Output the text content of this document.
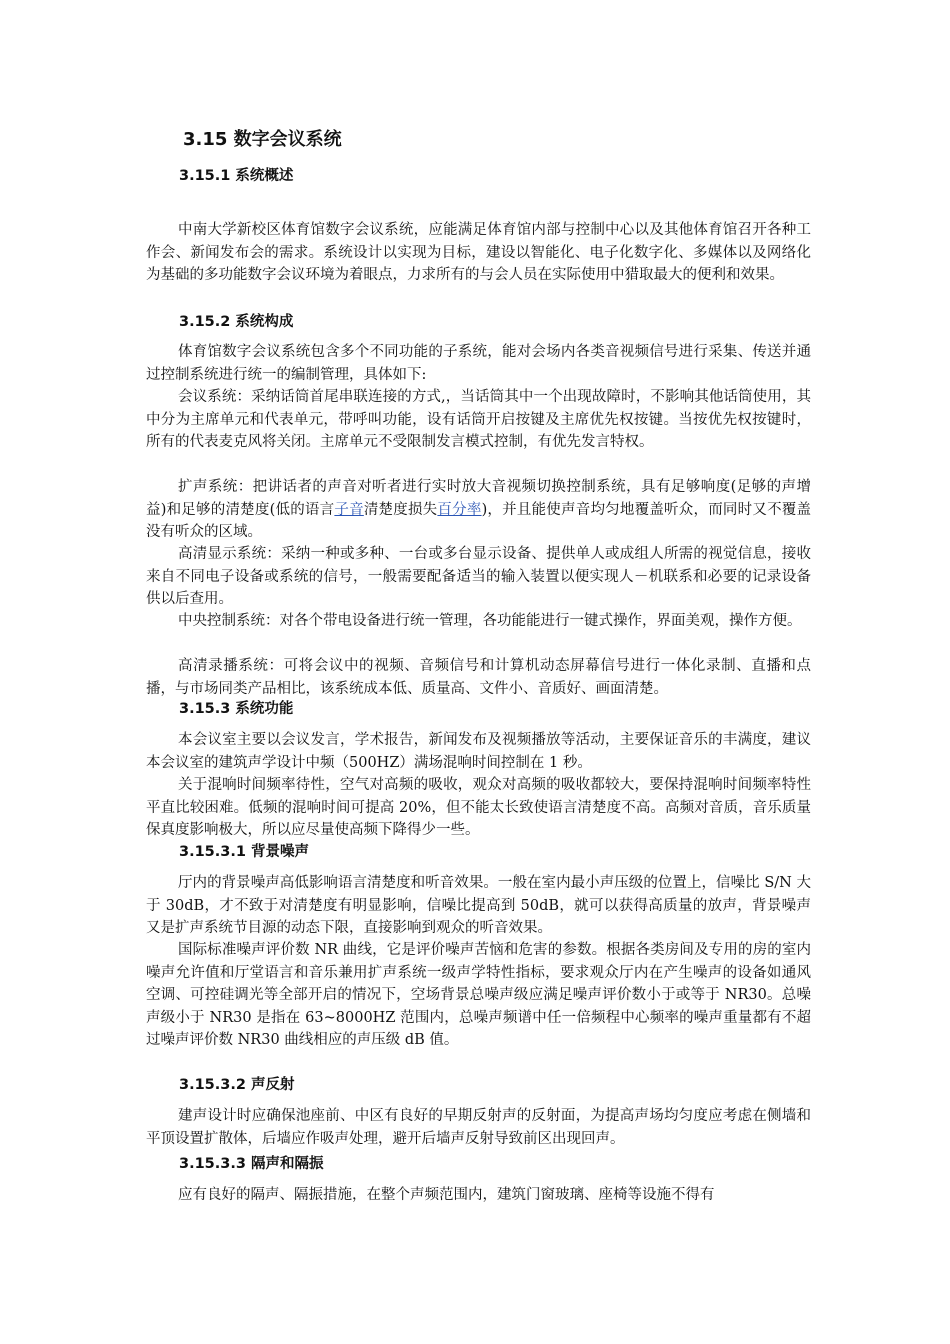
3.15 数字会议系统
3.15.1 系统概述
中南大学新校区体育馆数字会议系统，应能满足体育馆内部与控制中心以及其他体育馆召开各种工作会、新闻发布会的需求。系统设计以实现为目标，建设以智能化、电子化数字化、多媒体以及网络化为基础的多功能数字会议环境为着眼点，力求所有的与会人员在实际使用中猎取最大的便利和效果。
3.15.2 系统构成
体育馆数字会议系统包含多个不同功能的子系统，能对会场内各类音视频信号进行采集、传送并通过控制系统进行统一的编制管理，具体如下:
会议系统：采纳话筒首尾串联连接的方式,，当话筒其中一个出现故障时，不影响其他话筒使用，其中分为主席单元和代表单元，带呼叫功能，设有话筒开启按键及主席优先权按键。当按优先权按键时，所有的代表麦克风将关闭。主席单元不受限制发言模式控制，有优先发言特权。
扩声系统：把讲话者的声音对听者进行实时放大音视频切换控制系统，具有足够响度(足够的声增益)和足够的清楚度(低的语言子音清楚度损失百分率)，并且能使声音均匀地覆盖听众，而同时又不覆盖没有听众的区域。
高清显示系统：采纳一种或多种、一台或多台显示设备、提供单人或成组人所需的视觉信息，接收来自不同电子设备或系统的信号，一般需要配备适当的输入装置以便实现人－机联系和必要的记录设备供以后查用。
中央控制系统：对各个带电设备进行统一管理，各功能能进行一键式操作，界面美观，操作方便。
高清录播系统：可将会议中的视频、音频信号和计算机动态屏幕信号进行一体化录制、直播和点播，与市场同类产品相比，该系统成本低、质量高、文件小、音质好、画面清楚。
3.15.3 系统功能
本会议室主要以会议发言，学术报告，新闻发布及视频播放等活动，主要保证音乐的丰满度，建议本会议室的建筑声学设计中频（500HZ）满场混响时间控制在 1 秒。
关于混响时间频率待性，空气对高频的吸收，观众对高频的吸收都较大，要保持混响时间频率特性平直比较困难。低频的混响时间可提高 20%，但不能太长致使语言清楚度不高。高频对音质，音乐质量保真度影响极大，所以应尽量使高频下降得少一些。
3.15.3.1 背景噪声
厅内的背景噪声高低影响语言清楚度和听音效果。一般在室内最小声压级的位置上，信噪比 S/N 大于 30dB，才不致于对清楚度有明显影响，信噪比提高到 50dB，就可以获得高质量的放声，背景噪声又是扩声系统节目源的动态下限，直接影响到观众的听音效果。
国际标准噪声评价数 NR 曲线，它是评价噪声苦恼和危害的参数。根据各类房间及专用的房的室内噪声允许值和厅堂语言和音乐兼用扩声系统一级声学特性指标，要求观众厅内在产生噪声的设备如通风空调、可控硅调光等全部开启的情况下，空场背景总噪声级应满足噪声评价数小于或等于 NR30。总噪声级小于 NR30 是指在 63~8000HZ 范围内，总噪声频谱中任一倍频程中心频率的噪声重量都有不超过噪声评价数 NR30 曲线相应的声压级 dB 值。
3.15.3.2 声反射
建声设计时应确保池座前、中区有良好的早期反射声的反射面，为提高声场均匀度应考虑在侧墙和平顶设置扩散体，后墙应作吸声处理，避开后墙声反射导致前区出现回声。
3.15.3.3 隔声和隔振
应有良好的隔声、隔振措施，在整个声频范围内，建筑门窗玻璃、座椅等设施不得有
